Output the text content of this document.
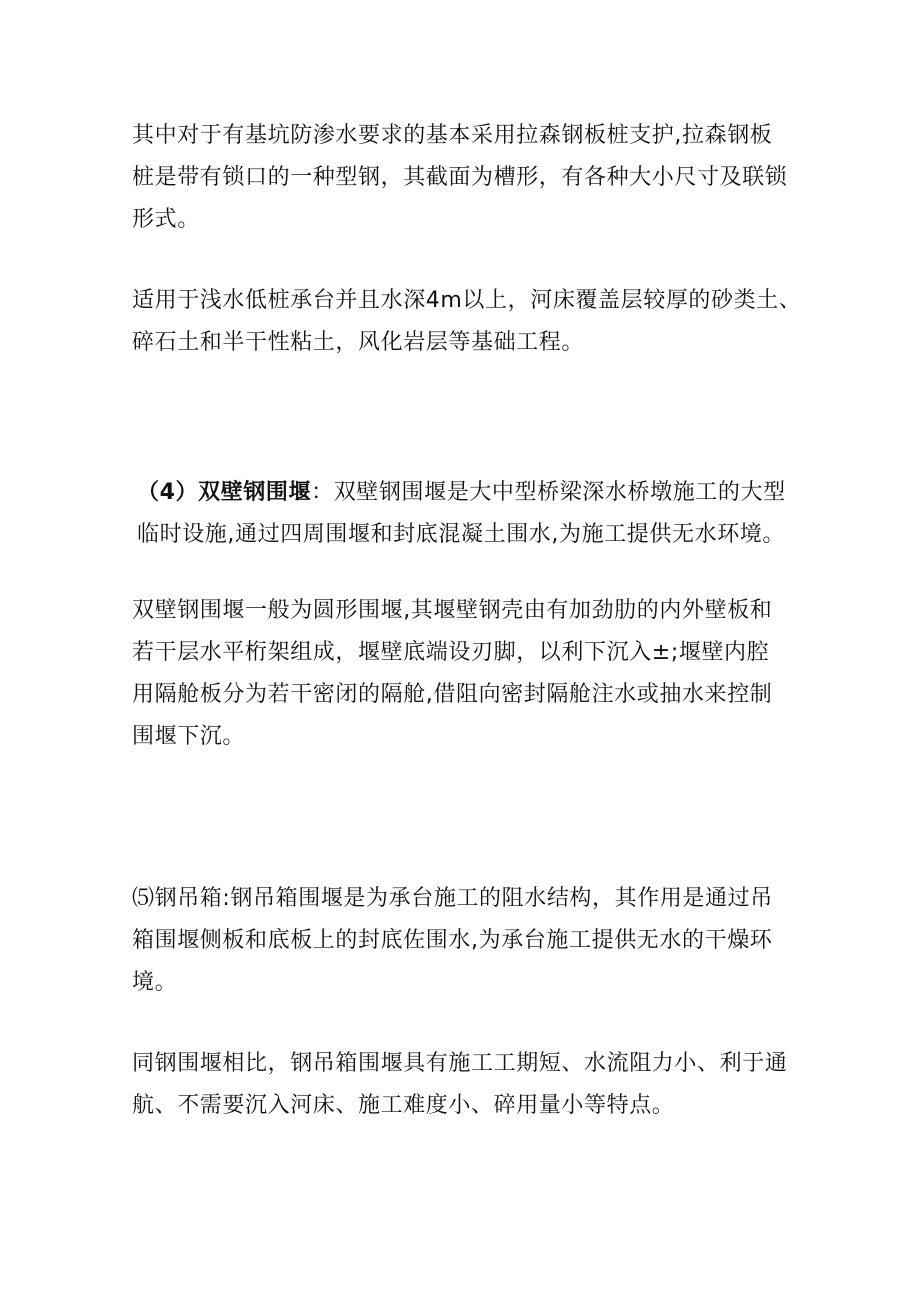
其中对于有基坑防渗水要求的基本采用拉森钢板桩支护,拉森钢板
桩是带有锁口的一种型钢，其截面为槽形，有各种大小尺寸及联锁
形式。

适用于浅水低桩承台并且水深4m以上，河床覆盖层较厚的砂类土、
碎石土和半干性粘土，风化岩层等基础工程。

（4）双壁钢围堰：双壁钢围堰是大中型桥梁深水桥墩施工的大型
临时设施,通过四周围堰和封底混凝土围水,为施工提供无水环境。

双壁钢围堰一般为圆形围堰,其堰壁钢壳由有加劲肋的内外壁板和
若干层水平桁架组成，堰壁底端设刃脚，以利下沉入±;堰壁内腔
用隔舱板分为若干密闭的隔舱,借阻向密封隔舱注水或抽水来控制
围堰下沉。

⑸钢吊箱:钢吊箱围堰是为承台施工的阻水结构，其作用是通过吊
箱围堰侧板和底板上的封底佐围水,为承台施工提供无水的干燥环
境。

同钢围堰相比，钢吊箱围堰具有施工工期短、水流阻力小、利于通
航、不需要沉入河床、施工难度小、碎用量小等特点。
